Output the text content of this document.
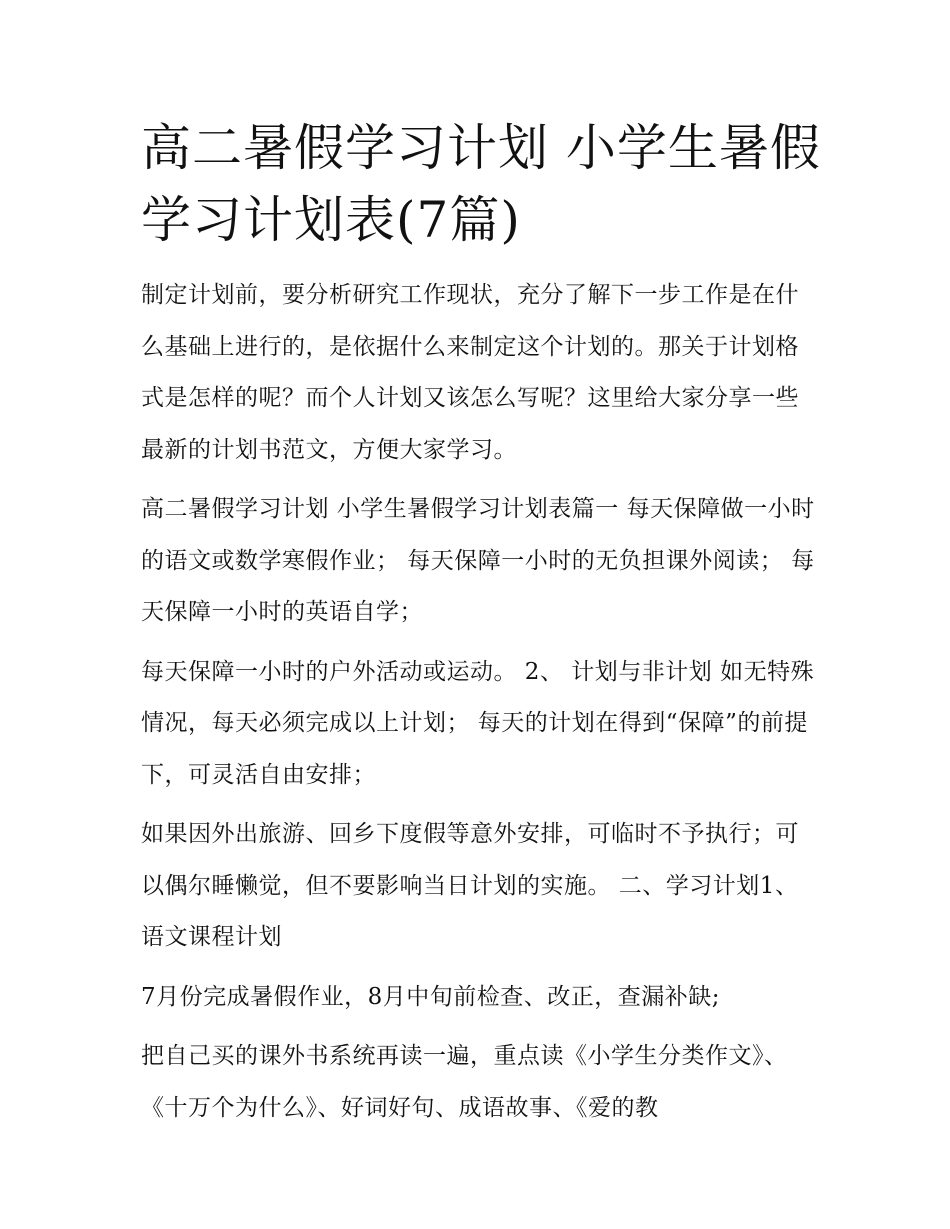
高二暑假学习计划 小学生暑假学习计划表(7篇)

制定计划前，要分析研究工作现状，充分了解下一步工作是在什么基础上进行的，是依据什么来制定这个计划的。那关于计划格式是怎样的呢？而个人计划又该怎么写呢？这里给大家分享一些最新的计划书范文，方便大家学习。

高二暑假学习计划 小学生暑假学习计划表篇一 每天保障做一小时的语文或数学寒假作业； 每天保障一小时的无负担课外阅读； 每天保障一小时的英语自学；

每天保障一小时的户外活动或运动。 2、 计划与非计划 如无特殊情况，每天必须完成以上计划； 每天的计划在得到“保障”的前提下，可灵活自由安排；

如果因外出旅游、回乡下度假等意外安排，可临时不予执行；可以偶尔睡懒觉，但不要影响当日计划的实施。 二、学习计划1、 语文课程计划

7月份完成暑假作业，8月中旬前检查、改正，查漏补缺;

把自己买的课外书系统再读一遍，重点读《小学生分类作文》、《十万个为什么》、好词好句、成语故事、《爱的教
